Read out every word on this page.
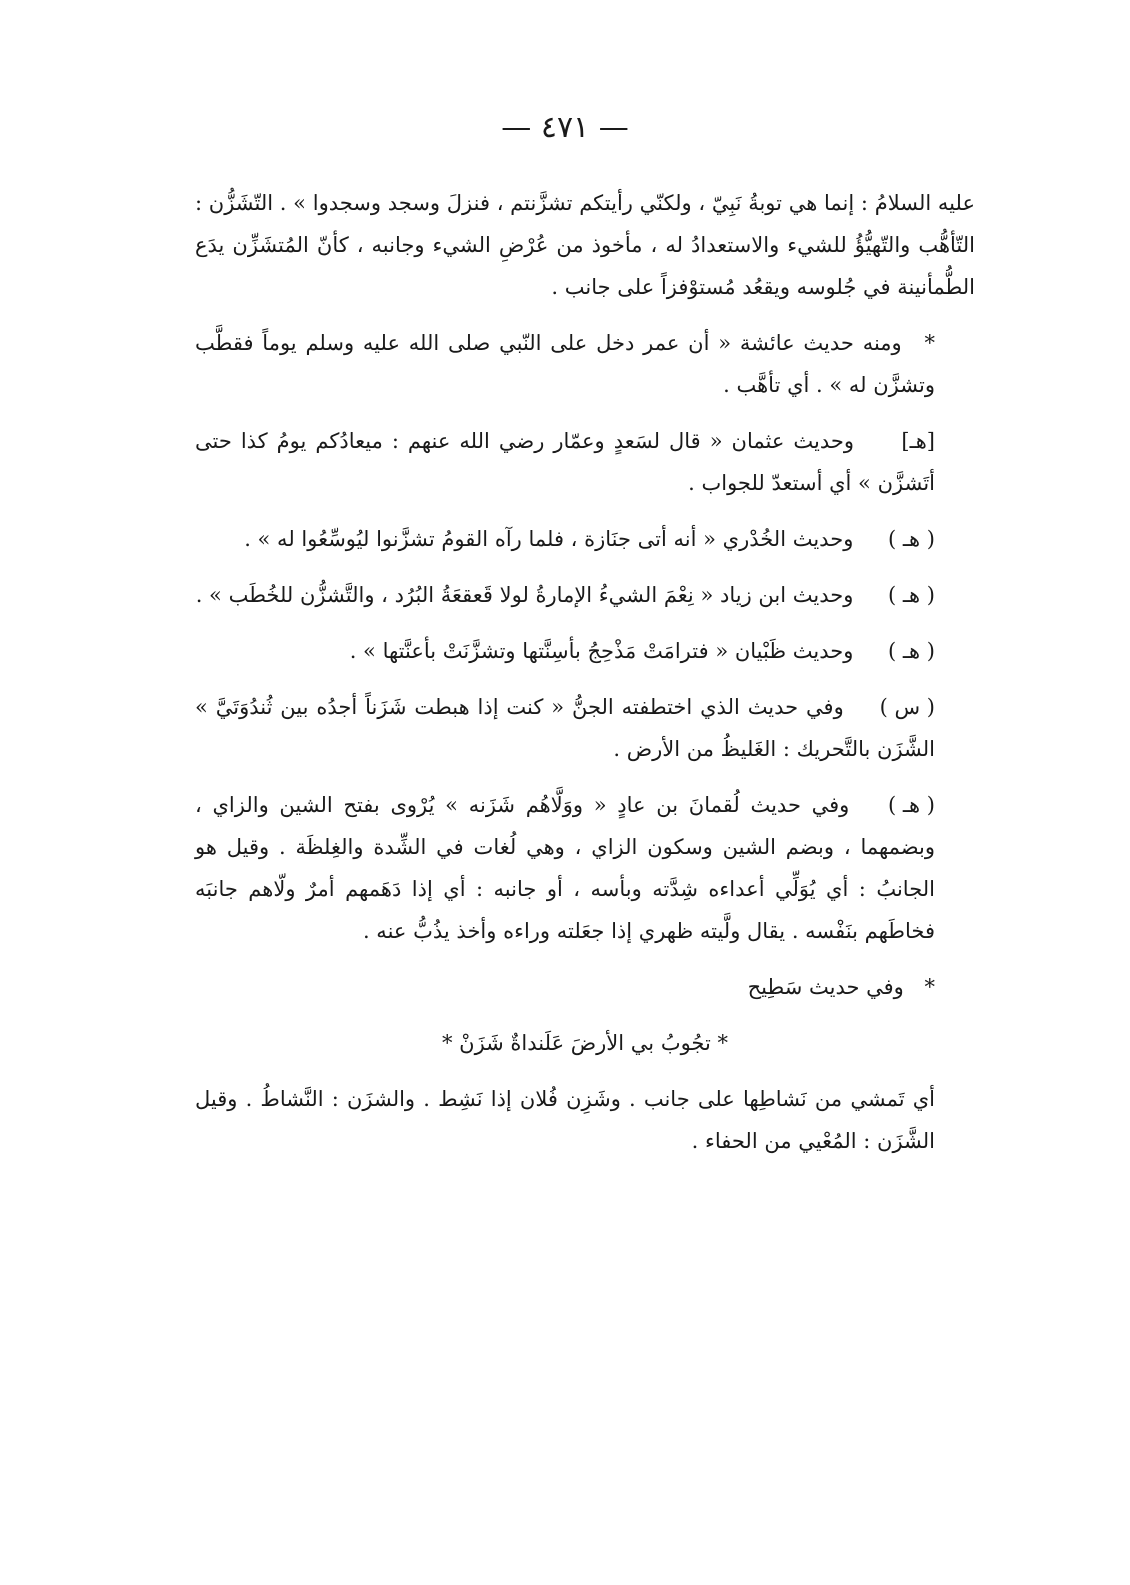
— ٤٧١ —

عليه السلامُ : إنما هي توبةُ نَبِيّ ، ولكنّي رأيتكم تشزَّنتم ، فنزلَ وسجد وسجدوا » . التّشَزُّن : التّأهُّب والتّهيُّؤُ للشيء والاستعدادُ له ، مأخوذ من عُرْضِ الشيء وجانبه ، كأنّ المُتشَزِّن يدَع الطُّمأنينة في جُلوسه ويقعُد مُستوْفزاً على جانب .

* ومنه حديث عائشة « أن عمر دخل على النّبي صلى الله عليه وسلم يوماً فقطَّب وتشزَّن له » . أي تأهَّب .

[هـ] وحديث عثمان « قال لسَعدٍ وعمّار رضي الله عنهم : ميعادُكم يومُ كذا حتى أتَشزَّن » أي أستعدّ للجواب .

( هـ ) وحديث الخُدْري « أنه أتى جنَازة ، فلما رآه القومُ تشزَّنوا ليُوسِّعُوا له » .

( هـ ) وحديث ابن زياد « نِعْمَ الشيءُ الإمارةُ لولا قَعقعَةُ البُرُد ، والتَّشزُّن للخُطَب » .

( هـ ) وحديث ظَبْيان « فترامَتْ مَذْحِجُ بأسِنَّتها وتشزَّنَتْ بأعنَّتها » .

( س ) وفي حديث الذي اختطفته الجنُّ « كنت إذا هبطت شَزَناً أجدُه بين ثُندُوَتَيَّ » الشَّزَن بالتَّحريك : الغَليظُ من الأرض .

( هـ ) وفي حديث لُقمانَ بن عادٍ « ووَلَّاهُم شَزَنه » يُرْوى بفتح الشين والزاي ، وبضمهما ، وبضم الشين وسكون الزاي ، وهي لُغات في الشِّدة والغِلظَة . وقيل هو الجانبُ : أي يُوَلِّي أعداءه شِدَّته وبأسه ، أو جانبه : أي إذا دَهَمهم أمرٌ ولّاهم جانبَه فخاطَهم بنَفْسه . يقال ولَّيته ظهري إذا جعَلته وراءه وأخذ يذُبُّ عنه .

* وفي حديث سَطِيح

* تجُوبُ بي الأرضَ عَلَنداةٌ شَزَنْ *

أي تَمشي من نَشاطِها على جانب . وشَزِن فُلان إذا نَشِط . والشزَن : النَّشاطُ . وقيل الشَّزَن : المُعْيي من الحفاء .
